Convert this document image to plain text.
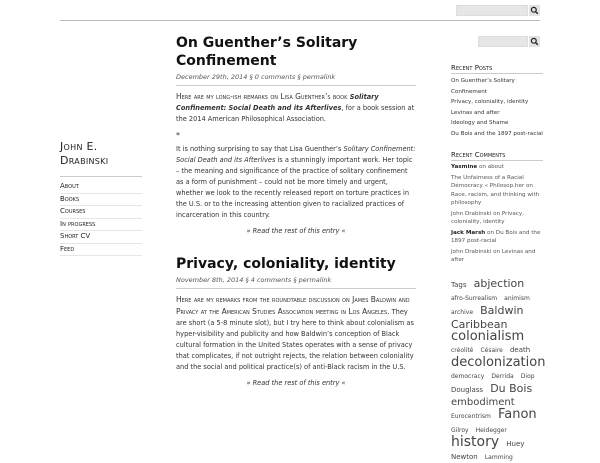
John E.
Drabinski

About
Books
Courses
In progress
Short CV
Feed
On Guenther’s Solitary Confinement
December 29th, 2014 § 0 comments § permalink

Here are my long-ish remarks on Lisa Guenther’s book Solitary Confinement: Social Death and its Afterlives, for a book session at the 2014 American Philosophical Association.

*

It is nothing surprising to say that Lisa Guenther’s Solitary Confinement: Social Death and its Afterlives is a stunningly important work. Her topic – the meaning and significance of the practice of solitary confinement as a form of punishment – could not be more timely and urgent, whether we look to the recently released report on torture practices in the U.S. or to the increasing attention given to racialized practices of incarceration in this country.

» Read the rest of this entry «

Privacy, coloniality, identity
November 8th, 2014 § 4 comments § permalink

Here are my remarks from the roundtable discussion on James Baldwin and Privacy at the American Studies Association meeting in Los Angeles. They are short (a 5-8 minute slot), but I try here to think about colonialism as hyper-visibility and publicity and how Baldwin’s conception of Black cultural formation in the United States operates with a sense of privacy that complicates, if not outright rejects, the relation between coloniality and the social and political practice(s) of anti-Black racism in the U.S.

» Read the rest of this entry «

Recent Posts
On Guenther’s Solitary Confinement
Privacy, coloniality, identity
Levinas and after
Ideology and Shame
Du Bois and the 1897 post-racial
Recent Comments
Yasmine on about
The Unfairness of a Racial Démocracy « Philosop.her on Race, racism, and thinking with philosophy
John Drabinski on Privacy, coloniality, identity
Jack Marsh on Du Bois and the 1897 post-racial
John Drabinski on Levinas and after
Tags abjection afro-Surrealism animism archive Baldwin Caribbean colonialism créolité Césaire death decolonization democracy Derrida Diop Douglass Du Bois embodiment Eurocentrism Fanon Gilroy Heidegger history Huey Newton Lamming
